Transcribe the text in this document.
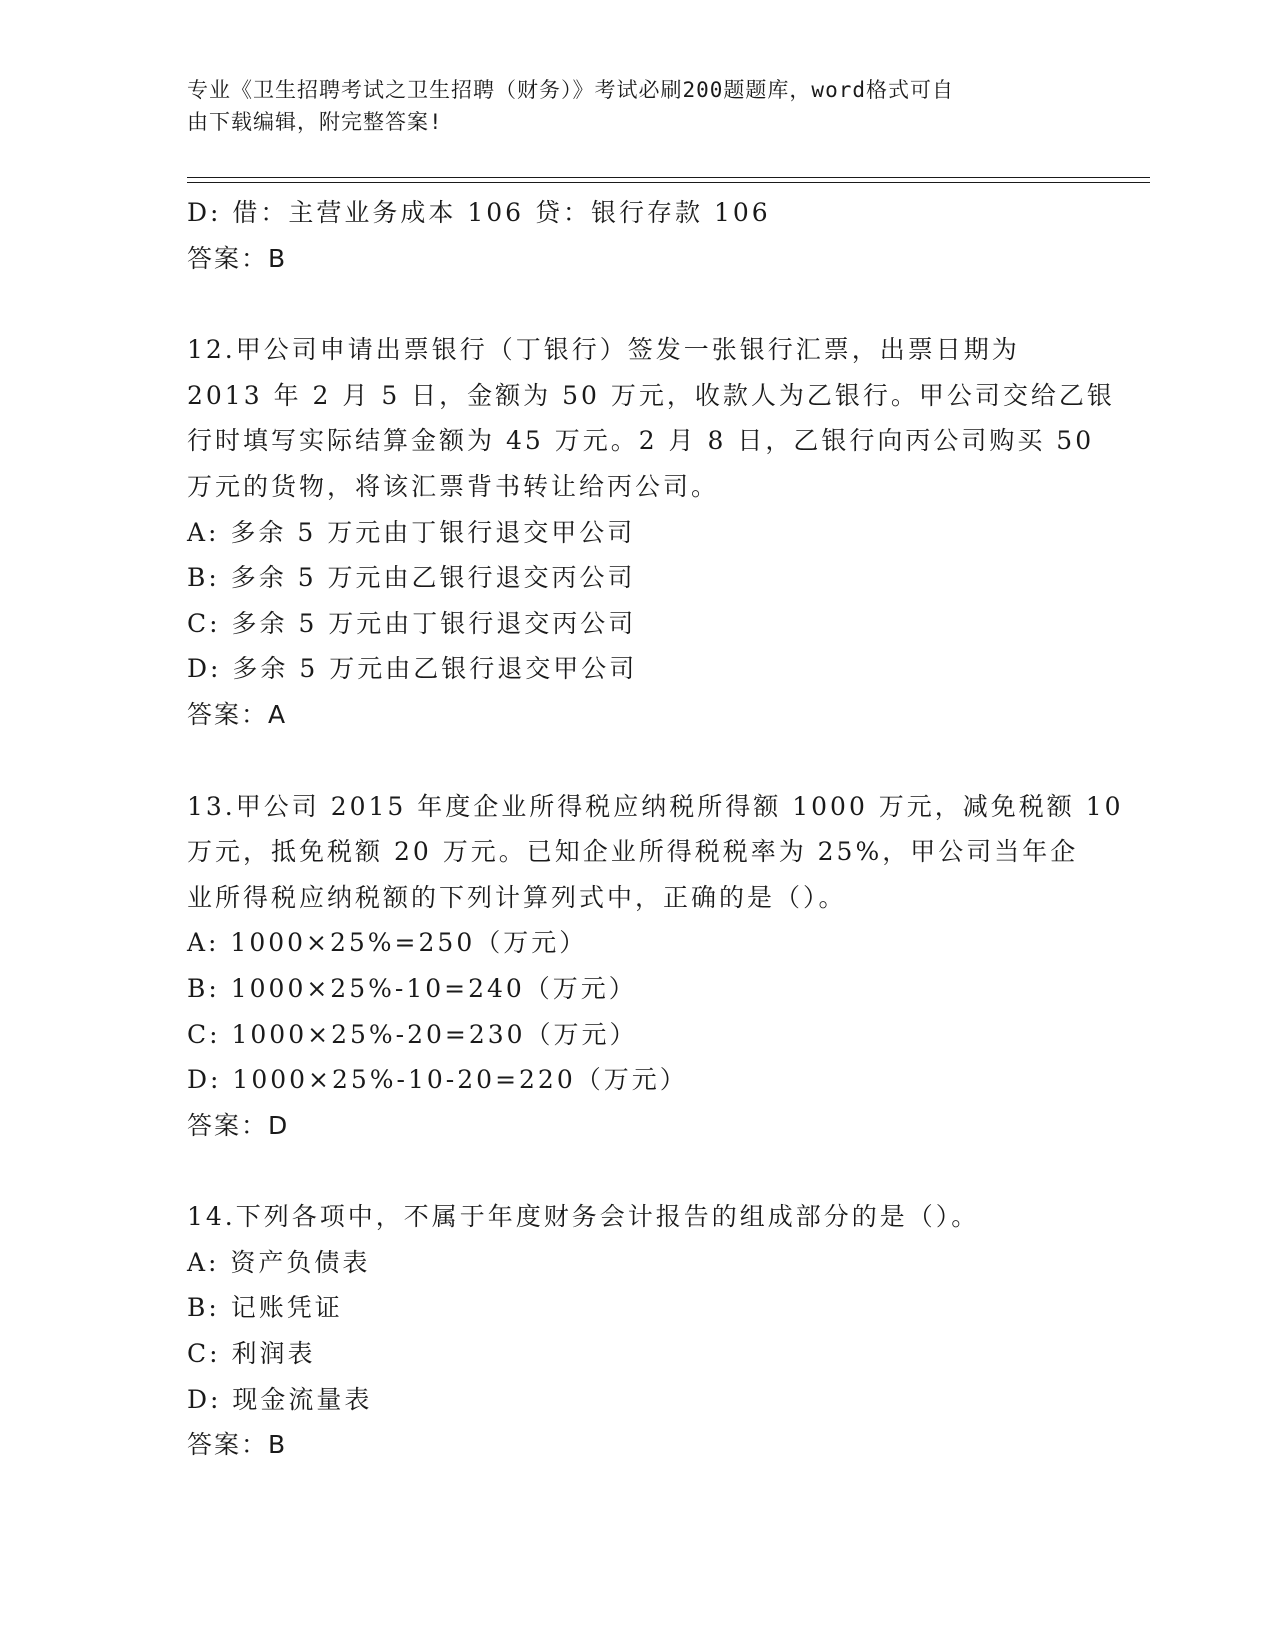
专业《卫生招聘考试之卫生招聘（财务）》考试必刷200题题库，word格式可自
由下载编辑，附完整答案!
D: 借：主营业务成本 106 贷：银行存款 106
答案：B
12.甲公司申请出票银行（丁银行）签发一张银行汇票，出票日期为
2013 年 2 月 5 日，金额为 50 万元，收款人为乙银行。甲公司交给乙银
行时填写实际结算金额为 45 万元。2 月 8 日，乙银行向丙公司购买 50
万元的货物，将该汇票背书转让给丙公司。
A: 多余 5 万元由丁银行退交甲公司
B: 多余 5 万元由乙银行退交丙公司
C: 多余 5 万元由丁银行退交丙公司
D: 多余 5 万元由乙银行退交甲公司
答案：A
13.甲公司 2015 年度企业所得税应纳税所得额 1000 万元，减免税额 10
万元，抵免税额 20 万元。已知企业所得税税率为 25%，甲公司当年企
业所得税应纳税额的下列计算列式中，正确的是（）。
A: 1000×25%=250（万元）
B: 1000×25%-10=240（万元）
C: 1000×25%-20=230（万元）
D: 1000×25%-10-20=220（万元）
答案：D
14.下列各项中，不属于年度财务会计报告的组成部分的是（）。
A: 资产负债表
B: 记账凭证
C: 利润表
D: 现金流量表
答案：B
